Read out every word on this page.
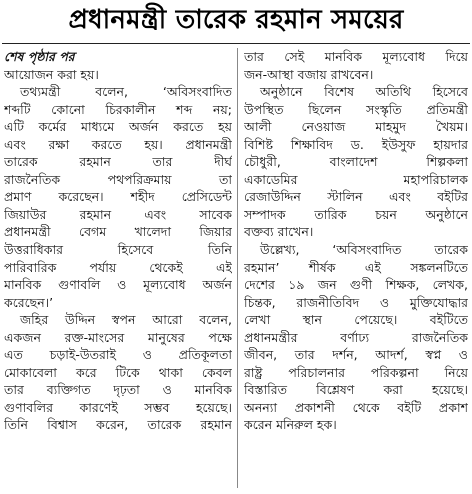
প্রধানমন্ত্রী তারেক রহমান সময়ের
শেষ পৃষ্ঠার পর
আয়োজন করা হয়।
তথ্যমন্ত্রী বলেন, ‘অবিসংবাদিত
শব্দটি কোনো চিরকালীন শব্দ নয়;
এটি কর্মের মাধ্যমে অর্জন করতে হয়
এবং রক্ষা করতে হয়। প্রধানমন্ত্রী
তারেক রহমান তার দীর্ঘ
রাজনৈতিক পথপরিক্রমায় তা
প্রমাণ করেছেন। শহীদ প্রেসিডেন্ট
জিয়াউর রহমান এবং সাবেক
প্রধানমন্ত্রী বেগম খালেদা জিয়ার
উত্তরাধিকার হিসেবে তিনি
পারিবারিক পর্যায় থেকেই এই
মানবিক গুণাবলি ও মূল্যবোধ অর্জন
করেছেন।’
জহির উদ্দিন স্বপন আরো বলেন,
একজন রক্ত-মাংসের মানুষের পক্ষে
এত চড়াই-উতরাই ও প্রতিকূলতা
মোকাবেলা করে টিকে থাকা কেবল
তার ব্যক্তিগত দৃঢ়তা ও মানবিক
গুণাবলির কারণেই সম্ভব হয়েছে।
তিনি বিশ্বাস করেন, তারেক রহমান
তার সেই মানবিক মূল্যবোধ দিয়ে
জন-আস্থা বজায় রাখবেন।
অনুষ্ঠানে বিশেষ অতিথি হিসেবে
উপস্থিত ছিলেন সংস্কৃতি প্রতিমন্ত্রী
আলী নেওয়াজ মাহমুদ খৈয়ম।
বিশিষ্ট শিক্ষাবিদ ড. ইউসুফ হায়দার
চৌধুরী, বাংলাদেশ শিল্পকলা
একাডেমির মহাপরিচালক
রেজাউদ্দিন স্টালিন এবং বইটির
সম্পাদক তারিক চয়ন অনুষ্ঠানে
বক্তব্য রাখেন।
উল্লেখ্য, ‘অবিসংবাদিত তারেক
রহমান’ শীর্ষক এই সঙ্কলনটিতে
দেশের ১৯ জন গুণী শিক্ষক, লেখক,
চিন্তক, রাজনীতিবিদ ও মুক্তিযোদ্ধার
লেখা স্থান পেয়েছে। বইটিতে
প্রধানমন্ত্রীর বর্ণাঢ্য রাজনৈতিক
জীবন, তার দর্শন, আদর্শ, স্বপ্ন ও
রাষ্ট্র পরিচালনার পরিকল্পনা নিয়ে
বিস্তারিত বিশ্লেষণ করা হয়েছে।
অনন্যা প্রকাশনী থেকে বইটি প্রকাশ
করেন মনিরুল হক।
